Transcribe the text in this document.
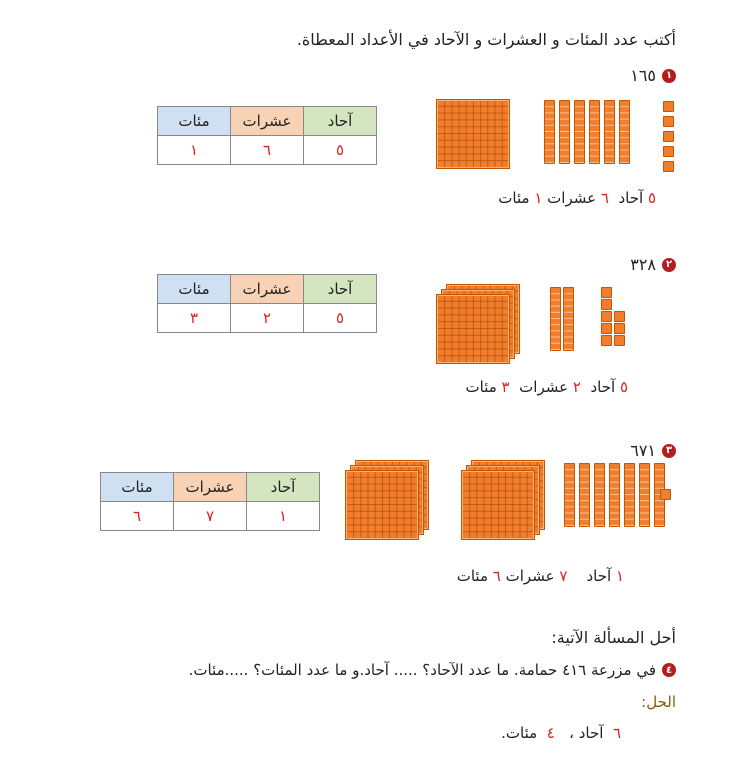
أكتب عدد المئات و العشرات و الآحاد في الأعداد المعطاة.
١
١٦٥
مئات	عشرات	آحاد
١	٦	٥
٥ آحاد  ٦ عشرات ١ مئات
٢
٣٢٨
مئات	عشرات	آحاد
٣	٢	٥
٥ آحاد  ٢ عشرات  ٣ مئات
٣
٦٧١
مئات	عشرات	آحاد
٦	٧	١
١ آحاد    ٧ عشرات ٦ مئات
أحل المسألة الآتية:
٤
في مزرعة ٤١٦ حمامة. ما عدد الآحاد؟ ..... آحاد.و ما عدد المئات؟ .....مئات.
الحل:
٦  آحاد ،   ٤  مئات.
